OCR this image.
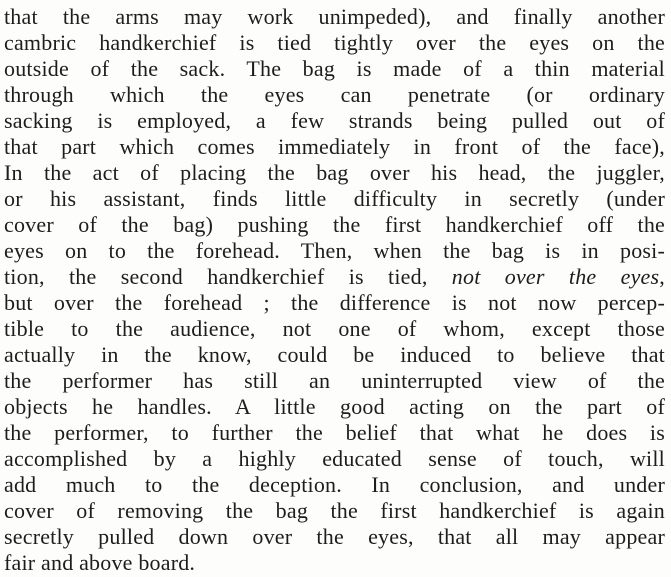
that the arms may work unimpeded), and finally another
cambric handkerchief is tied tightly over the eyes on the
outside of the sack. The bag is made of a thin material
through which the eyes can penetrate (or ordinary
sacking is employed, a few strands being pulled out of
that part which comes immediately in front of the face),
In the act of placing the bag over his head, the juggler,
or his assistant, finds little difficulty in secretly (under
cover of the bag) pushing the first handkerchief off the
eyes on to the forehead. Then, when the bag is in posi-
tion, the second handkerchief is tied, not over the eyes,
but over the forehead ; the difference is not now percep-
tible to the audience, not one of whom, except those
actually in the know, could be induced to believe that
the performer has still an uninterrupted view of the
objects he handles. A little good acting on the part of
the performer, to further the belief that what he does is
accomplished by a highly educated sense of touch, will
add much to the deception. In conclusion, and under
cover of removing the bag the first handkerchief is again
secretly pulled down over the eyes, that all may appear
fair and above board.
